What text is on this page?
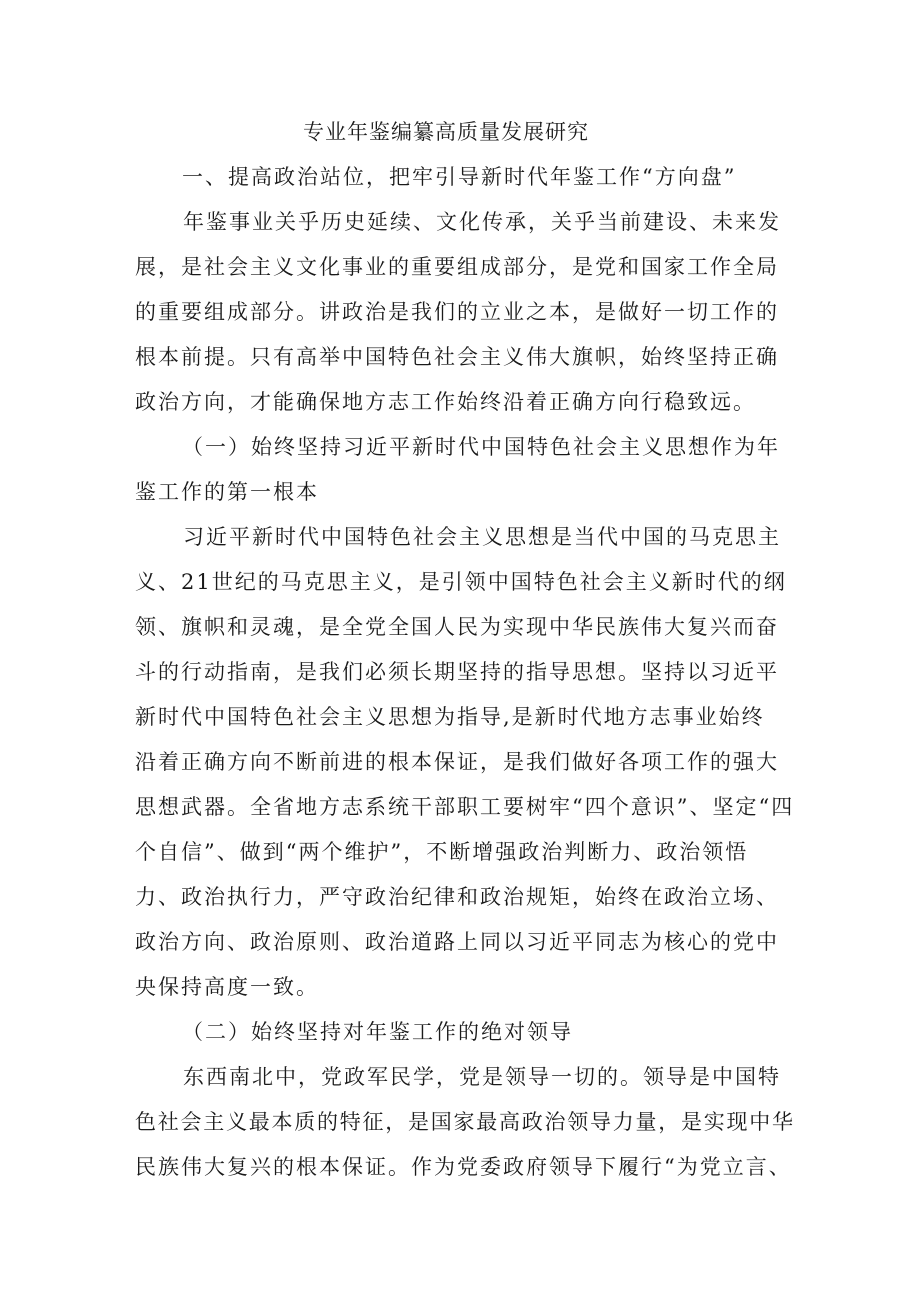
专业年鉴编纂高质量发展研究
一、提高政治站位，把牢引导新时代年鉴工作“方向盘”
年鉴事业关乎历史延续、文化传承，关乎当前建设、未来发
展，是社会主义文化事业的重要组成部分，是党和国家工作全局
的重要组成部分。讲政治是我们的立业之本，是做好一切工作的
根本前提。只有高举中国特色社会主义伟大旗帜，始终坚持正确
政治方向，才能确保地方志工作始终沿着正确方向行稳致远。
（一）始终坚持习近平新时代中国特色社会主义思想作为年
鉴工作的第一根本
习近平新时代中国特色社会主义思想是当代中国的马克思主
义、21世纪的马克思主义，是引领中国特色社会主义新时代的纲
领、旗帜和灵魂，是全党全国人民为实现中华民族伟大复兴而奋
斗的行动指南，是我们必须长期坚持的指导思想。坚持以习近平
新时代中国特色社会主义思想为指导,是新时代地方志事业始终
沿着正确方向不断前进的根本保证，是我们做好各项工作的强大
思想武器。全省地方志系统干部职工要树牢“四个意识”、坚定“四
个自信”、做到“两个维护”，不断增强政治判断力、政治领悟
力、政治执行力，严守政治纪律和政治规矩，始终在政治立场、
政治方向、政治原则、政治道路上同以习近平同志为核心的党中
央保持高度一致。
（二）始终坚持对年鉴工作的绝对领导
东西南北中，党政军民学，党是领导一切的。领导是中国特
色社会主义最本质的特征，是国家最高政治领导力量，是实现中华
民族伟大复兴的根本保证。作为党委政府领导下履行“为党立言、
